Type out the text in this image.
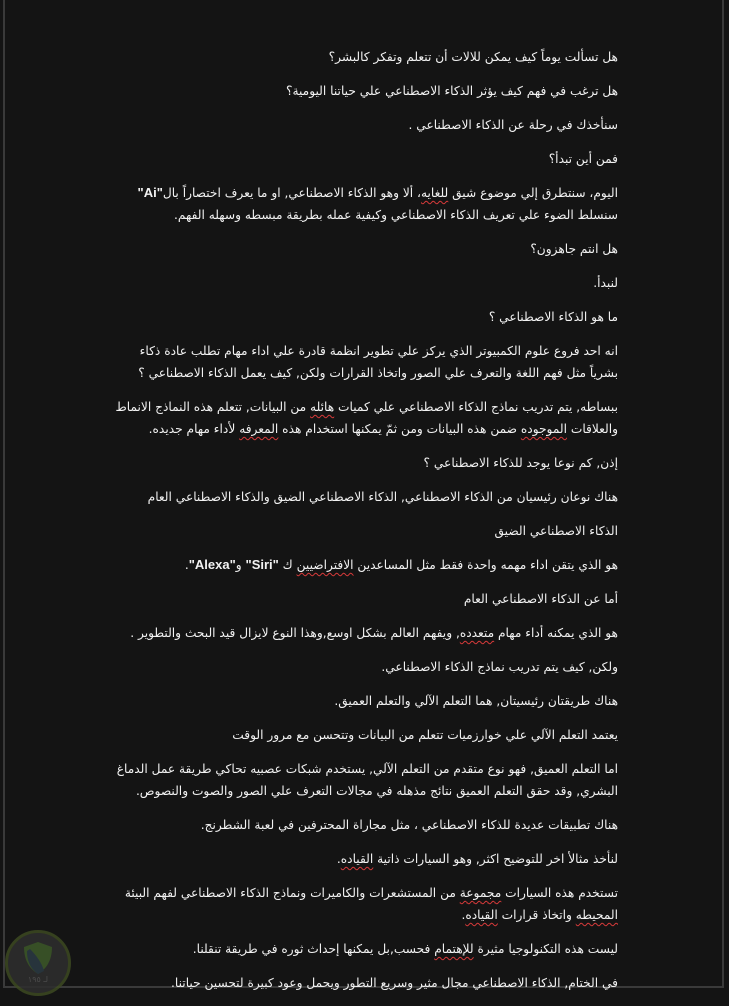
هل تسألت يوماً كيف يمكن للالات أن تتعلم وتفكر كالبشر؟

هل ترغب في فهم كيف يؤثر الذكاء الاصطناعي علي حياتنا اليومية؟

سنأخذك في رحلة عن الذكاء الاصطناعي .

فمن أين تبدأ؟

اليوم، سنتطرق إلي موضوع شيق للغايه، ألا وهو الذكاء الاصطناعي, او ما يعرف اختصاراً بال"Ai" سنسلط الضوء علي تعريف الذكاء الاصطناعي وكيفية عمله بطريقة مبسطه وسهله الفهم.

هل انتم جاهزون؟

لنبدأ.

ما هو الذكاء الاصطناعي ؟

انه احد فروع علوم الكمبيوتر الذي يركز علي تطوير انظمة قادرة علي اداء مهام تطلب عادة ذكاء بشرياً مثل فهم اللغة والتعرف علي الصور واتخاذ القرارات ولكن, كيف يعمل الذكاء الاصطناعي ؟

ببساطه, يتم تدريب نماذج الذكاء الاصطناعي علي كميات هائله من البيانات, تتعلم هذه النماذج الانماط والعلاقات الموجوده ضمن هذه البيانات ومن ثمّ يمكنها استخدام هذه المعرفه لأداء مهام جديده.

إذن, كم نوعا يوجد للذكاء الاصطناعي ؟

هناك نوعان رئيسيان من الذكاء الاصطناعي, الذكاء الاصطناعي الضيق والذكاء الاصطناعي العام

الذكاء الاصطناعي الضيق

هو الذي يتقن اداء مهمه واحدة فقط مثل المساعدين الافتراضيين ك "Siri" و"Alexa".

أما عن الذكاء الاصطناعي العام

هو الذي يمكنه أداء مهام متعدده, ويفهم العالم بشكل اوسع,وهذا النوع لايزال قيد البحث والتطوير .

ولكن, كيف يتم تدريب نماذج الذكاء الاصطناعي.

هناك طريقتان رئيسيتان, هما التعلم الآلي والتعلم العميق.

يعتمد التعلم الآلي علي خوارزميات تتعلم من البيانات وتتحسن مع مرور الوقت

اما التعلم العميق, فهو نوع متقدم من التعلم الآلي, يستخدم شبكات عصبيه تحاكي طريقة عمل الدماغ البشري, وقد حقق التعلم العميق نتائج مذهله في مجالات التعرف علي الصور والصوت والنصوص.

هناك تطبيقات عديدة للذكاء الاصطناعي ، مثل مجاراة المحترفين في لعبة الشطرنج.

لنأخذ مثالأ اخر للتوضيح اكثر, وهو السيارات ذاتية القياده.

تستخدم هذه السيارات مجموعة من المستشعرات والكاميرات ونماذج الذكاء الاصطناعي لفهم البيئة المحيطه واتخاذ قرارات القياده.

ليست هذه التكنولوجيا مثيرة للإهتمام فحسب,بل يمكنها إحداث ثوره في طريقة تنقلنا.

في الختام, الذكاء الاصطناعي مجال مثير وسريع التطور ويحمل وعود كبيرة لتحسين حياتنا.

لـ ١٩٥
